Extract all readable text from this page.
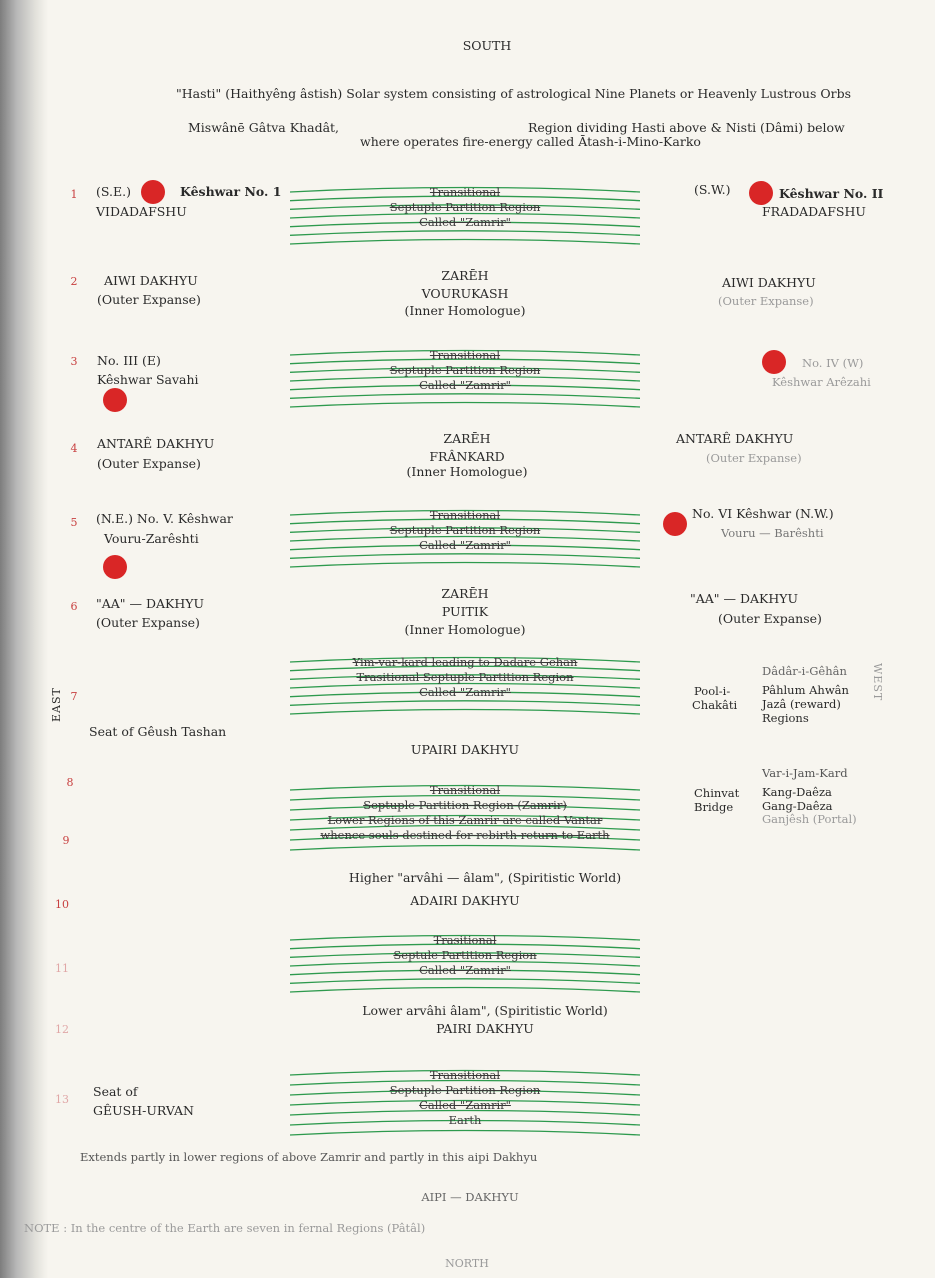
SOUTH
NORTH
EAST
WEST
"Hasti" (Haithyêng âstish) Solar system consisting of astrological Nine Planets or Heavenly Lustrous Orbs
Miswânē Gâtva Khadât,	Region dividing Hasti above & Nisti (Dâmi) below
where operates fire-energy called Ātash-i-Mino-Karko
1
2
3
4
5
6
7
8
9
10
11
12
13
(S.E.)	Kêshwar No. 1
VIDADAFSHU
AIWI DAKHYU
(Outer Expanse)
No. III (E)
Kêshwar Savahi
ANTARÊ DAKHYU
(Outer Expanse)
(N.E.) No. V. Kêshwar
Vouru-Zarêshti
"AA" — DAKHYU
(Outer Expanse)
Seat of Gêush Tashan
Seat of
GÊUSH-URVAN
Transitional
Septuple Partition Region
Called "Zamrir"
Transitional
Septuple Partition Region
Called "Zamrir"
Transitional
Septuple Partition Region
Called "Zamrir"
Yim-var-kard leading to Dadare Gehan
Trasitional Septuple Partition Region
Called "Zamrir"
Transitional
Septuple Partition Region (Zamrir)
Lower Regions of this Zamrir are called Vantar
whence souls destined for rebirth return to Earth
Trasitional
Septule Partition Region
Called "Zamrir"
Transitional
Septuple Partition Region
Called "Zamrir"
Earth
ZARĒH
VOURUKASH
(Inner Homologue)
ZARĒH
FRÂNKARD
(Inner Homologue)
ZARĒH
PUITIK
(Inner Homologue)
UPAIRI DAKHYU
Higher "arvâhi — âlam", (Spiritistic World)
ADAIRI DAKHYU
Lower arvâhi âlam", (Spiritistic World)
PAIRI DAKHYU
(S.W.)	Kêshwar No. II
FRADADAFSHU
AIWI DAKHYU
(Outer Expanse)
No. IV (W)
Kêshwar Arêzahi
ANTARÊ DAKHYU
(Outer Expanse)
No. VI Kêshwar (N.W.)
Vouru — Barêshti
"AA" — DAKHYU
(Outer Expanse)
Pool-i-
Chakâti
Dâdâr-i-Gêhân
Pâhlum Ahwân
Jazâ (reward)
Regions
Chinvat
Bridge
Var-i-Jam-Kard
Kang-Daêza
Gang-Daêza
Ganjêsh (Portal)
Extends partly in lower regions of above Zamrir and partly in this aipi Dakhyu
AIPI — DAKHYU
NOTE : In the centre of the Earth are seven in fernal Regions (Pâtâl)
